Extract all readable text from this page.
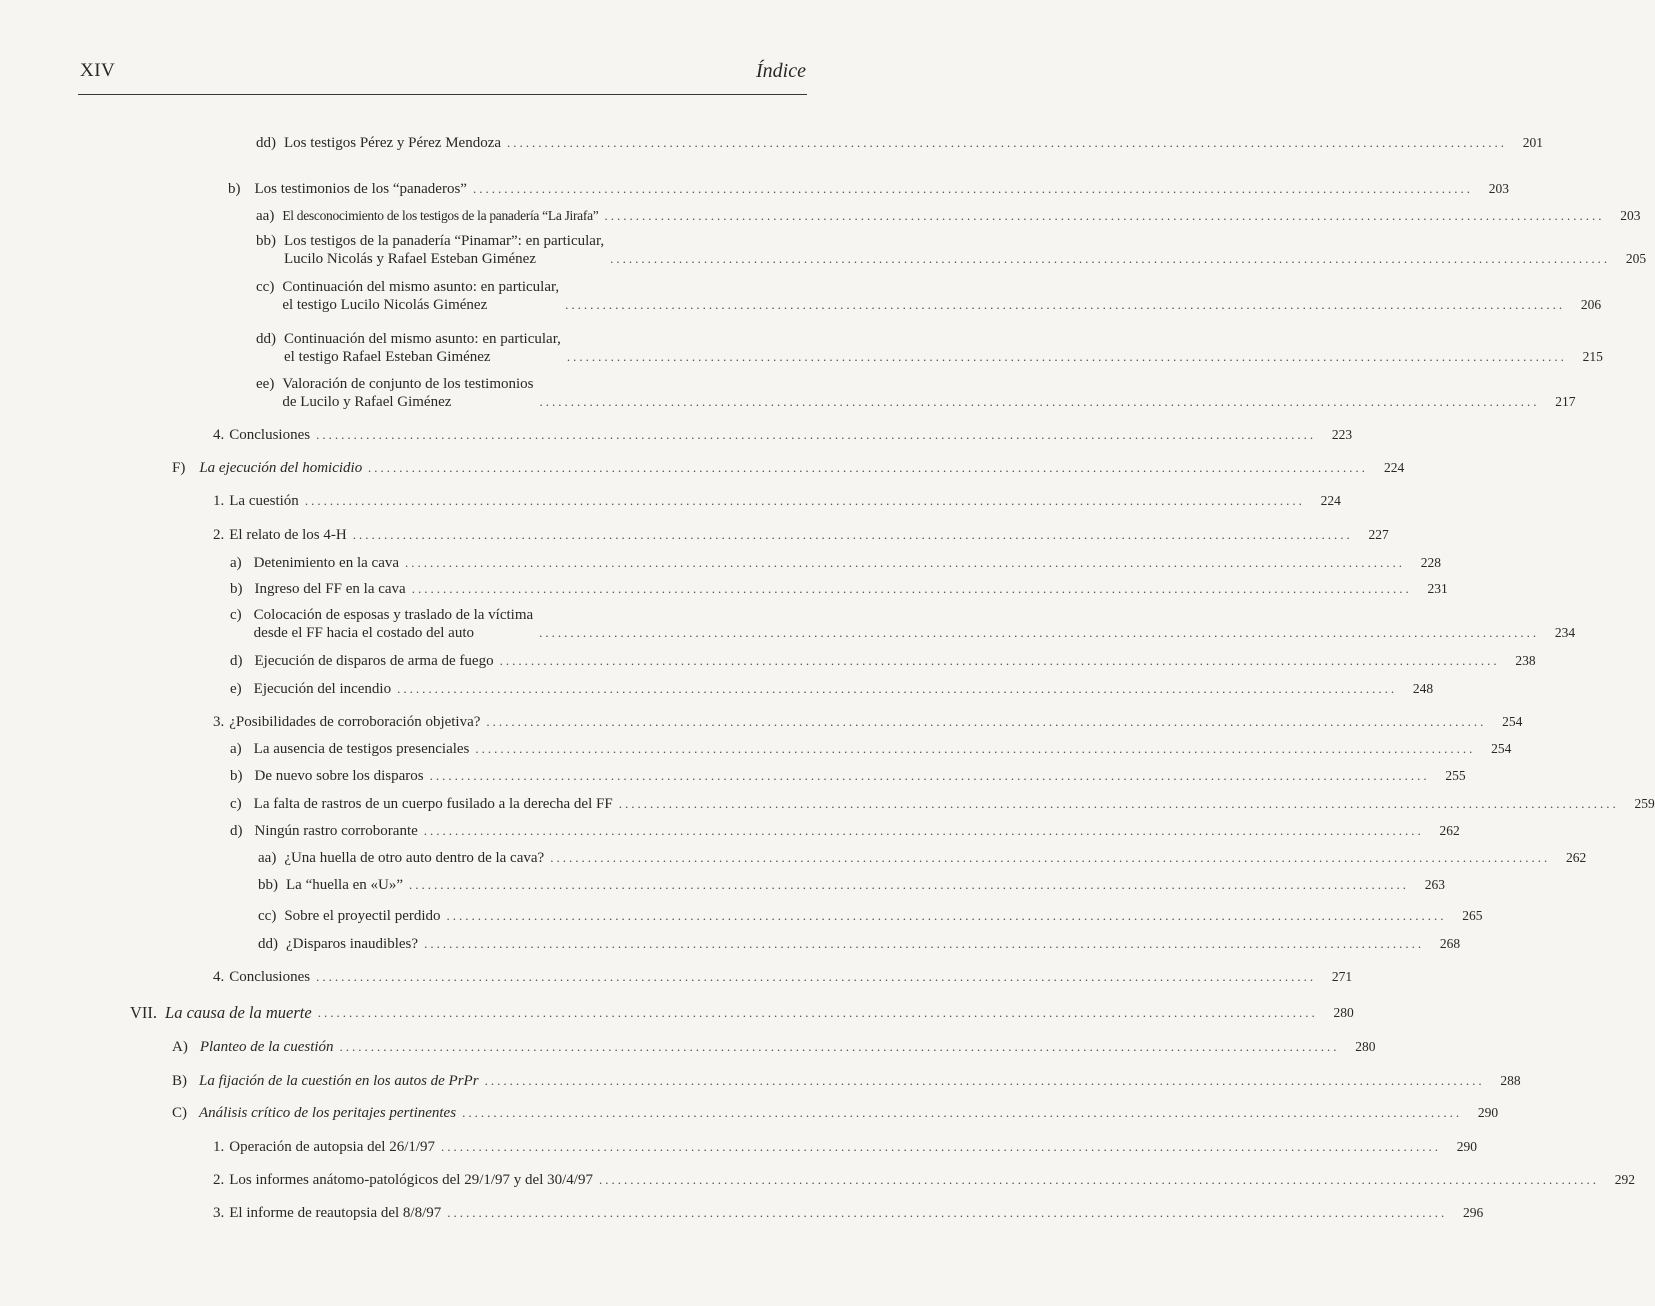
XIV	Índice
dd) Los testigos Pérez y Pérez Mendoza .....	201
b) Los testimonios de los “panaderos” .....	203
aa) El desconocimiento de los testigos de la panadería “La Jirafa” .....	203
bb) Los testigos de la panadería “Pinamar”: en particular,
Lucilo Nicolás y Rafael Esteban Giménez .....	205
cc) Continuación del mismo asunto: en particular,
el testigo Lucilo Nicolás Giménez .....	206
dd) Continuación del mismo asunto: en particular,
el testigo Rafael Esteban Giménez .....	215
ee) Valoración de conjunto de los testimonios
de Lucilo y Rafael Giménez .....	217
4. Conclusiones .....	223
F) La ejecución del homicidio .....	224
1. La cuestión .....	224
2. El relato de los 4-H .....	227
a) Detenimiento en la cava .....	228
b) Ingreso del FF en la cava .....	231
c) Colocación de esposas y traslado de la víctima
desde el FF hacia el costado del auto .....	234
d) Ejecución de disparos de arma de fuego .....	238
e) Ejecución del incendio .....	248
3. ¿Posibilidades de corroboración objetiva? .....	254
a) La ausencia de testigos presenciales .....	254
b) De nuevo sobre los disparos .....	255
c) La falta de rastros de un cuerpo fusilado a la derecha del FF .....	259
d) Ningún rastro corroborante .....	262
aa) ¿Una huella de otro auto dentro de la cava? .....	262
bb) La “huella en «U»” .....	263
cc) Sobre el proyectil perdido .....	265
dd) ¿Disparos inaudibles? .....	268
4. Conclusiones .....	271
VII. La causa de la muerte .....	280
A) Planteo de la cuestión .....	280
B) La fijación de la cuestión en los autos de PrPr .....	288
C) Análisis crítico de los peritajes pertinentes .....	290
1. Operación de autopsia del 26/1/97 .....	290
2. Los informes anátomo-patológicos del 29/1/97 y del 30/4/97 .....	292
3. El informe de reautopsia del 8/8/97 .....	296
